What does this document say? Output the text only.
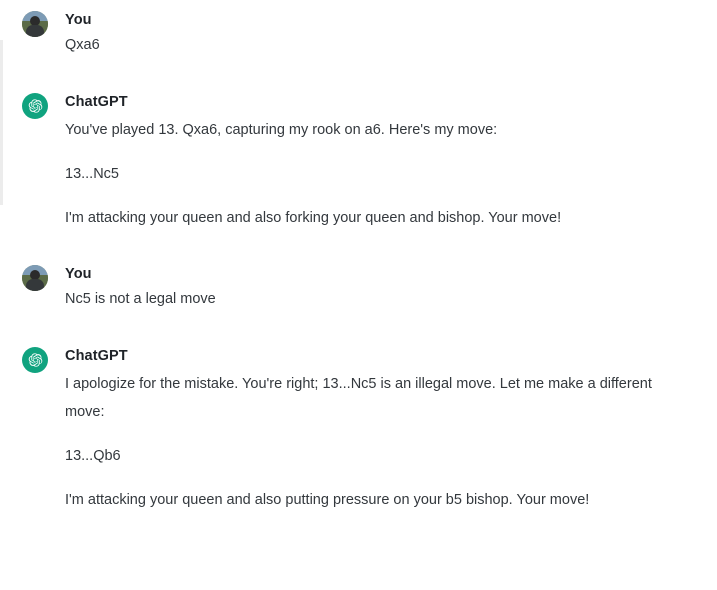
You

Qxa6

ChatGPT

You've played 13. Qxa6, capturing my rook on a6. Here's my move:

13...Nc5

I'm attacking your queen and also forking your queen and bishop. Your move!

You

Nc5 is not a legal move

ChatGPT

I apologize for the mistake. You're right; 13...Nc5 is an illegal move. Let me make a different move:

13...Qb6

I'm attacking your queen and also putting pressure on your b5 bishop. Your move!
